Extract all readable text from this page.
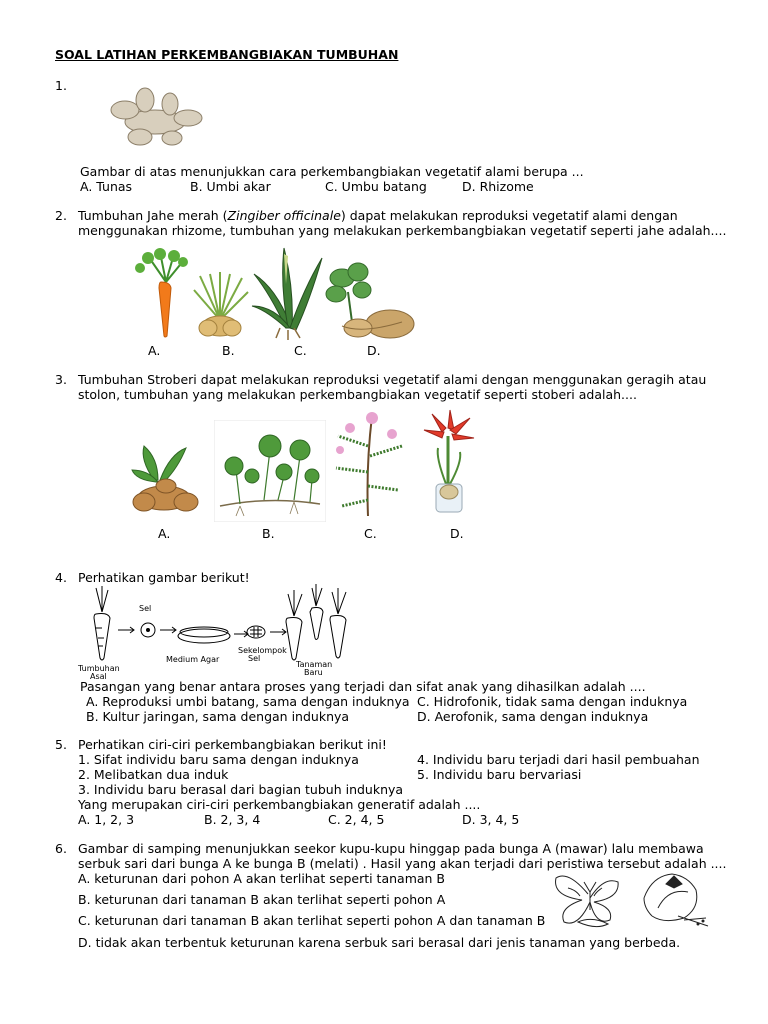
SOAL LATIHAN PERKEMBANGBIAKAN TUMBUHAN
1.
Gambar di atas menunjukkan cara perkembangbiakan vegetatif alami berupa ...
A. Tunas	B. Umbi akar	C. Umbu batang	D. Rhizome
2. Tumbuhan Jahe merah (Zingiber officinale) dapat melakukan reproduksi vegetatif alami dengan
menggunakan rhizome, tumbuhan yang melakukan perkembangbiakan vegetatif seperti jahe adalah....
A.	B.	C.	D.
3. Tumbuhan Stroberi dapat melakukan reproduksi vegetatif alami dengan menggunakan geragih atau
stolon, tumbuhan yang melakukan perkembangbiakan vegetatif seperti stoberi adalah....
A.	B.	C.	D.
4. Perhatikan gambar berikut!
Sel
Medium Agar
Sekelompok
Sel
Tumbuhan
Asal
Tanaman
Baru
Pasangan yang benar antara proses yang terjadi dan sifat anak yang dihasilkan adalah ....
A. Reproduksi umbi batang, sama dengan induknya C. Hidrofonik, tidak sama dengan induknya
B. Kultur jaringan, sama dengan induknya	D. Aerofonik, sama dengan induknya
5. Perhatikan ciri-ciri perkembangbiakan berikut ini!
1. Sifat individu baru sama dengan induknya	4. Individu baru terjadi dari hasil pembuahan
2. Melibatkan dua induk	5. Individu baru bervariasi
3. Individu baru berasal dari bagian tubuh induknya
Yang merupakan ciri-ciri perkembangbiakan generatif adalah ....
A. 1, 2, 3	B. 2, 3, 4	C. 2, 4, 5	D. 3, 4, 5
6. Gambar di samping menunjukkan seekor kupu-kupu hinggap pada bunga A (mawar) lalu membawa
serbuk sari dari bunga A ke bunga B (melati) . Hasil yang akan terjadi dari peristiwa tersebut adalah ....
A. keturunan dari pohon A akan terlihat seperti tanaman B
B. keturunan dari tanaman B akan terlihat seperti pohon A
C. keturunan dari tanaman B akan terlihat seperti pohon A dan tanaman B
D. tidak akan terbentuk keturunan karena serbuk sari berasal dari jenis tanaman yang berbeda.
